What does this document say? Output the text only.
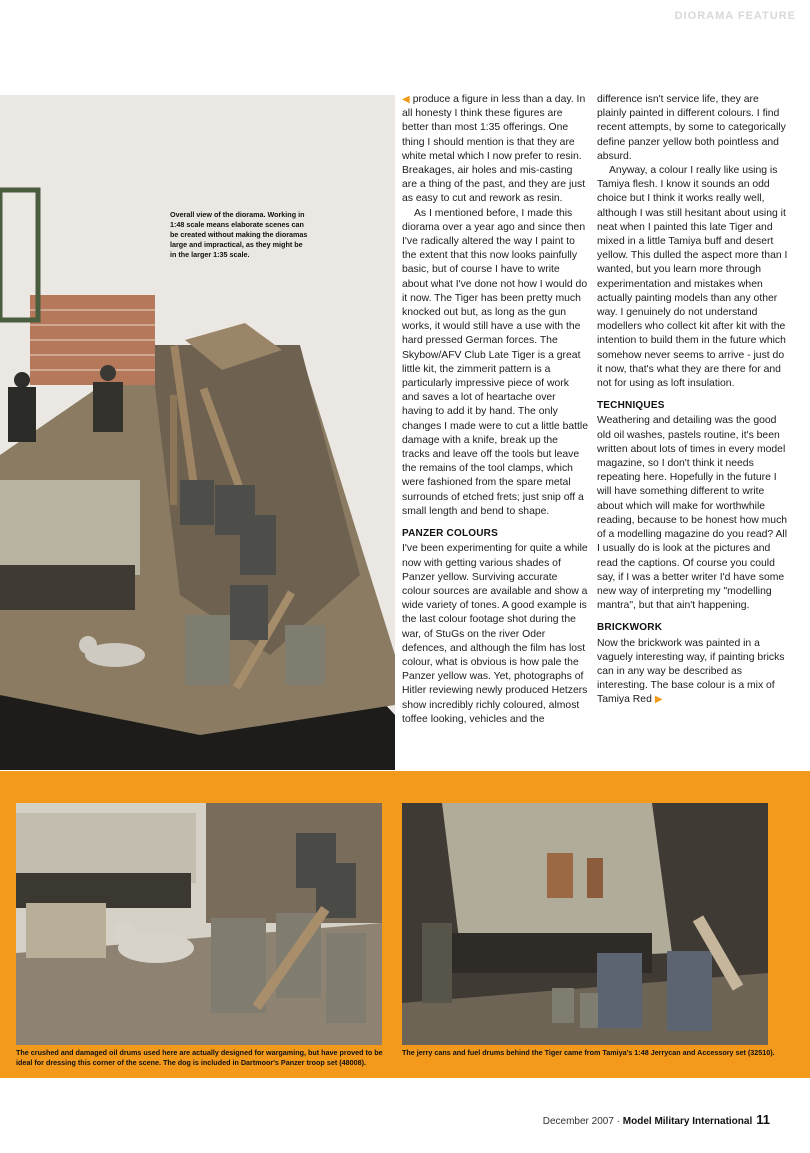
DIORAMA FEATURE
Overall view of the diorama. Working in 1:48 scale means elaborate scenes can be created without making the dioramas large and impractical, as they might be in the larger 1:35 scale.

◀ produce a figure in less than a day. In all honesty I think these figures are better than most 1:35 offerings. One thing I should mention is that they are white metal which I now prefer to resin. Breakages, air holes and mis-casting are a thing of the past, and they are just as easy to cut and rework as resin.

As I mentioned before, I made this diorama over a year ago and since then I've radically altered the way I paint to the extent that this now looks painfully basic, but of course I have to write about what I've done not how I would do it now. The Tiger has been pretty much knocked out but, as long as the gun works, it would still have a use with the hard pressed German forces. The Skybow/AFV Club Late Tiger is a great little kit, the zimmerit pattern is a particularly impressive piece of work and saves a lot of heartache over having to add it by hand. The only changes I made were to cut a little battle damage with a knife, break up the tracks and leave off the tools but leave the remains of the tool clamps, which were fashioned from the spare metal surrounds of etched frets; just snip off a small length and bend to shape.

PANZER COLOURS

I've been experimenting for quite a while now with getting various shades of Panzer yellow. Surviving accurate colour sources are available and show a wide variety of tones. A good example is the last colour footage shot during the war, of StuGs on the river Oder defences, and although the film has lost colour, what is obvious is how pale the Panzer yellow was. Yet, photographs of Hitler reviewing newly produced Hetzers show incredibly richly coloured, almost toffee looking, vehicles and the

difference isn't service life, they are plainly painted in different colours. I find recent attempts, by some to categorically define panzer yellow both pointless and absurd.

Anyway, a colour I really like using is Tamiya flesh. I know it sounds an odd choice but I think it works really well, although I was still hesitant about using it neat when I painted this late Tiger and mixed in a little Tamiya buff and desert yellow. This dulled the aspect more than I wanted, but you learn more through experimentation and mistakes when actually painting models than any other way. I genuinely do not understand modellers who collect kit after kit with the intention to build them in the future which somehow never seems to arrive - just do it now, that's what they are there for and not for using as loft insulation.

TECHNIQUES

Weathering and detailing was the good old oil washes, pastels routine, it's been written about lots of times in every model magazine, so I don't think it needs repeating here. Hopefully in the future I will have something different to write about which will make for worthwhile reading, because to be honest how much of a modelling magazine do you read? All I usually do is look at the pictures and read the captions. Of course you could say, if I was a better writer I'd have some new way of interpreting my "modelling mantra", but that ain't happening.

BRICKWORK

Now the brickwork was painted in a vaguely interesting way, if painting bricks can in any way be described as interesting. The base colour is a mix of Tamiya Red ▶

The crushed and damaged oil drums used here are actually designed for wargaming, but have proved to be ideal for dressing this corner of the scene. The dog is included in Dartmoor's Panzer troop set (48008).
The jerry cans and fuel drums behind the Tiger came from Tamiya's 1:48 Jerrycan and Accessory set (32510).
December 2007 · Model Military International 11
